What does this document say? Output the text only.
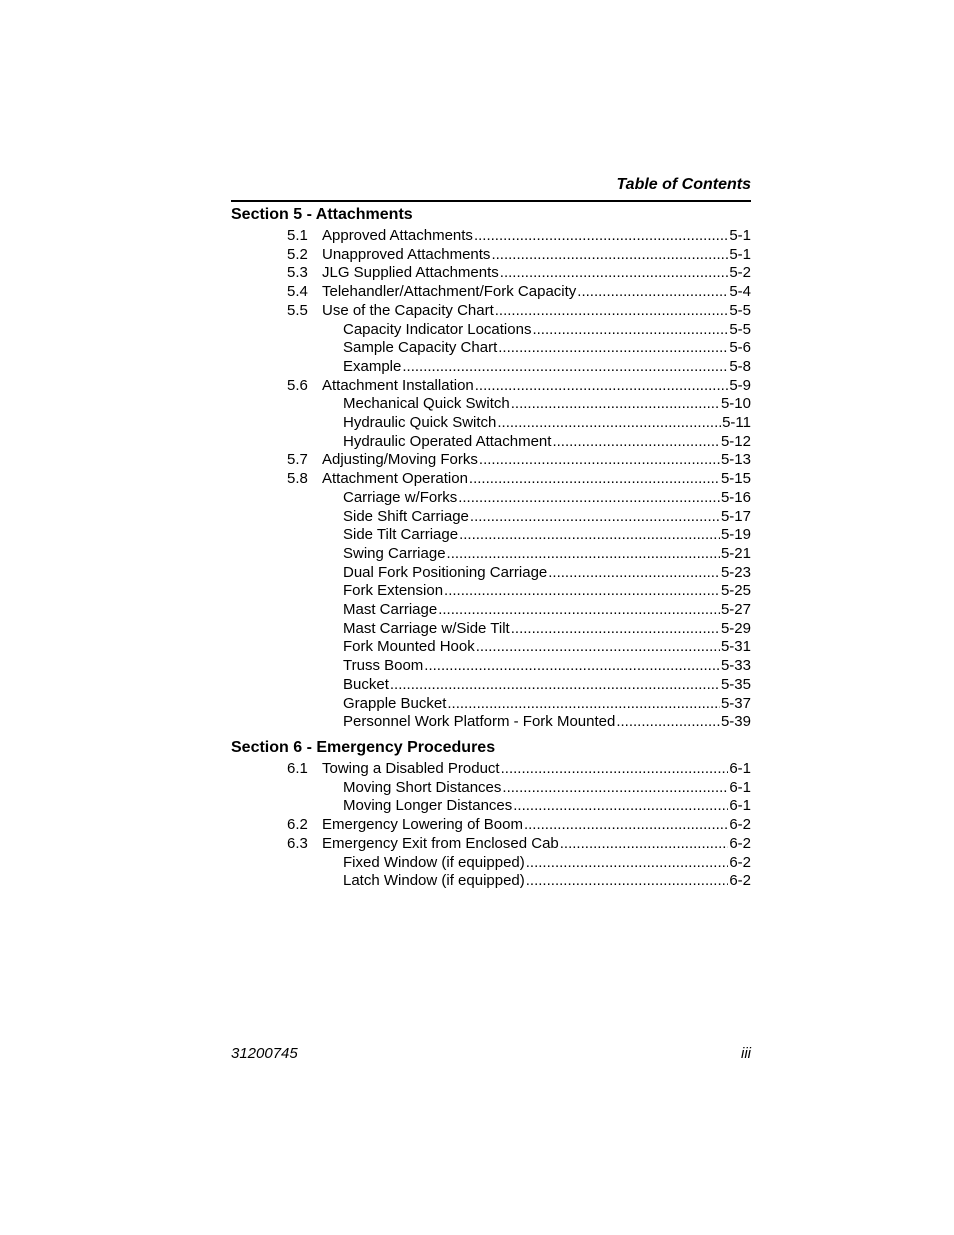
Table of Contents
Section 5 - Attachments
5.1 Approved Attachments .....	5-1
5.2 Unapproved Attachments .....	5-1
5.3 JLG Supplied Attachments .....	5-2
5.4 Telehandler/Attachment/Fork Capacity .....	5-4
5.5 Use of the Capacity Chart .....	5-5
Capacity Indicator Locations .....	5-5
Sample Capacity Chart .....	5-6
Example .....	5-8
5.6 Attachment Installation .....	5-9
Mechanical Quick Switch .....	5-10
Hydraulic Quick Switch .....	5-11
Hydraulic Operated Attachment .....	5-12
5.7 Adjusting/Moving Forks .....	5-13
5.8 Attachment Operation .....	5-15
Carriage w/Forks .....	5-16
Side Shift Carriage .....	5-17
Side Tilt Carriage .....	5-19
Swing Carriage .....	5-21
Dual Fork Positioning Carriage .....	5-23
Fork Extension .....	5-25
Mast Carriage .....	5-27
Mast Carriage w/Side Tilt .....	5-29
Fork Mounted Hook .....	5-31
Truss Boom .....	5-33
Bucket .....	5-35
Grapple Bucket .....	5-37
Personnel Work Platform - Fork Mounted .....	5-39
Section 6 - Emergency Procedures
6.1 Towing a Disabled Product .....	6-1
Moving Short Distances .....	6-1
Moving Longer Distances .....	6-1
6.2 Emergency Lowering of Boom .....	6-2
6.3 Emergency Exit from Enclosed Cab .....	6-2
Fixed Window (if equipped) .....	6-2
Latch Window (if equipped) .....	6-2
31200745	iii
